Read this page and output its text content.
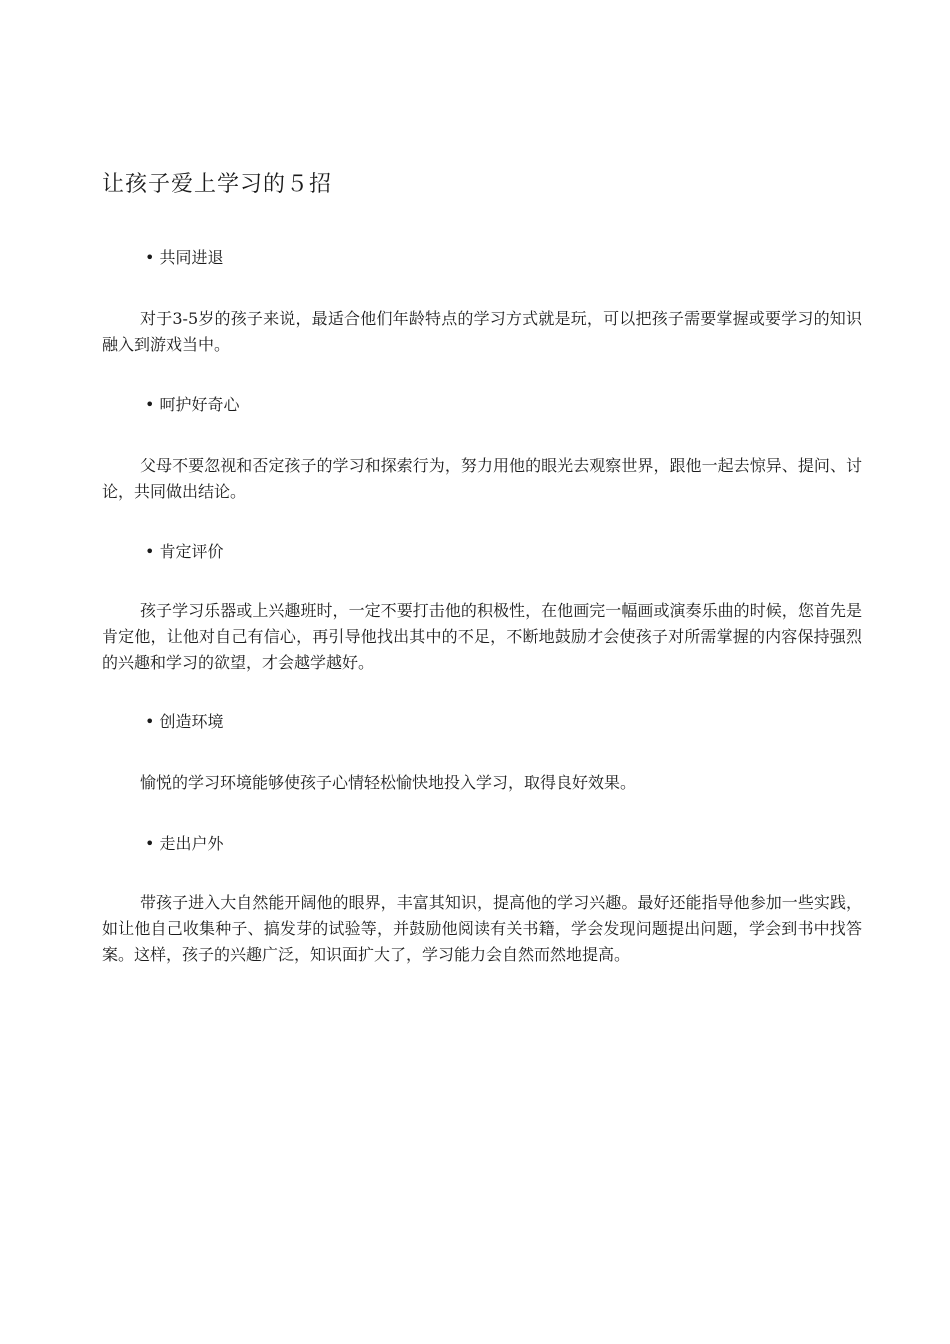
让孩子爱上学习的５招
• 共同进退
对于3-5岁的孩子来说，最适合他们年龄特点的学习方式就是玩，可以把孩子需要掌握或要学习的知识融入到游戏当中。
• 呵护好奇心
父母不要忽视和否定孩子的学习和探索行为，努力用他的眼光去观察世界，跟他一起去惊异、提问、讨论，共同做出结论。
• 肯定评价
孩子学习乐器或上兴趣班时，一定不要打击他的积极性，在他画完一幅画或演奏乐曲的时候，您首先是肯定他，让他对自己有信心，再引导他找出其中的不足，不断地鼓励才会使孩子对所需掌握的内容保持强烈的兴趣和学习的欲望，才会越学越好。
• 创造环境
愉悦的学习环境能够使孩子心情轻松愉快地投入学习，取得良好效果。
• 走出户外
带孩子进入大自然能开阔他的眼界，丰富其知识，提高他的学习兴趣。最好还能指导他参加一些实践，如让他自己收集种子、搞发芽的试验等，并鼓励他阅读有关书籍，学会发现问题提出问题，学会到书中找答案。这样，孩子的兴趣广泛，知识面扩大了，学习能力会自然而然地提高。
